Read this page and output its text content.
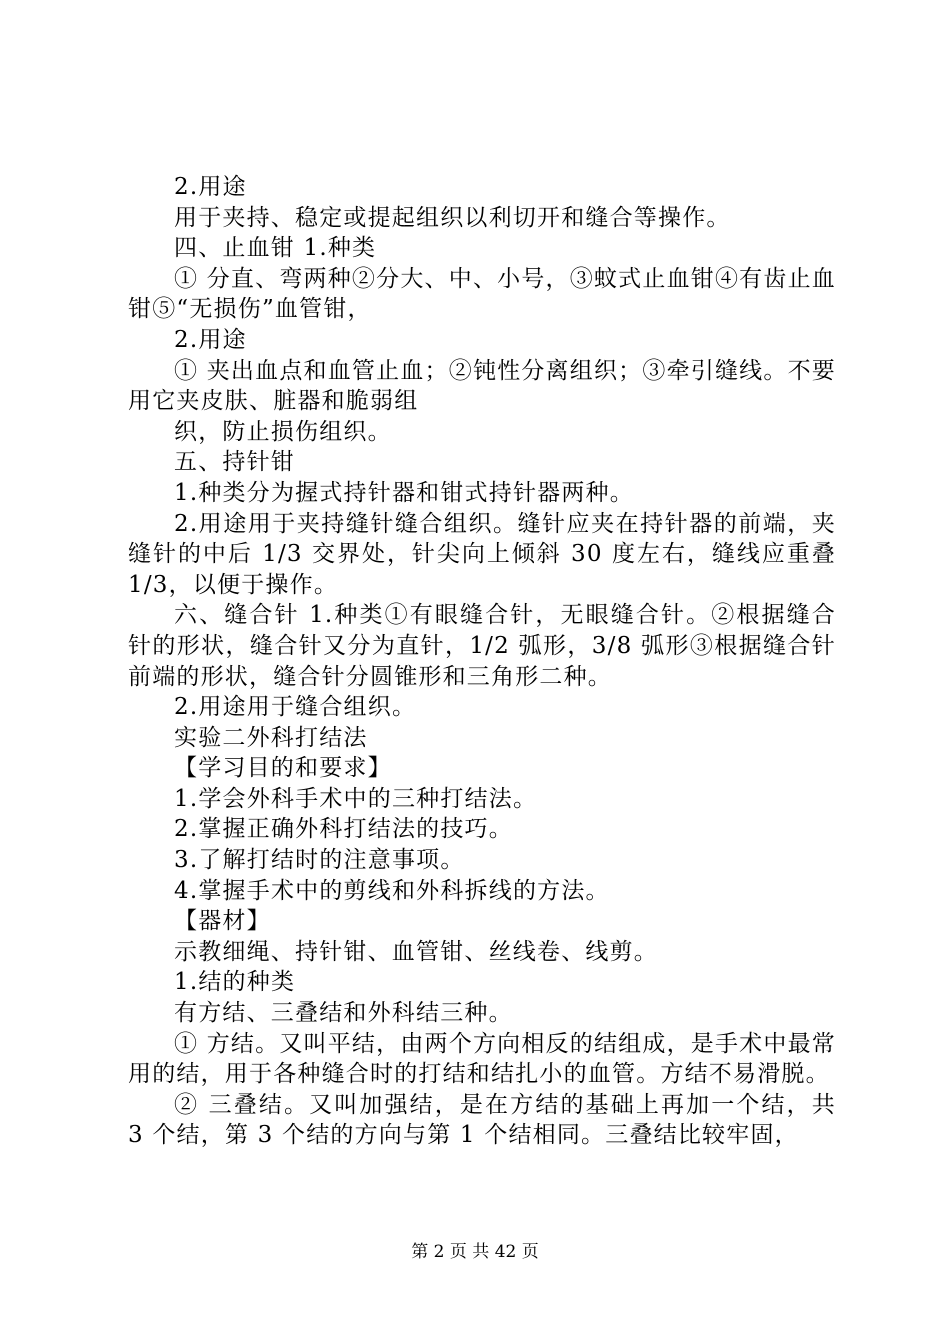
2.用途

用于夹持、稳定或提起组织以利切开和缝合等操作。

四、止血钳 1.种类

① 分直、弯两种②分大、中、小号，③蚊式止血钳④有齿止血钳⑤“无损伤”血管钳，

2.用途

① 夹出血点和血管止血；②钝性分离组织；③牵引缝线。不要用它夹皮肤、脏器和脆弱组

织，防止损伤组织。

五、持针钳

1.种类分为握式持针器和钳式持针器两种。

2.用途用于夹持缝针缝合组织。缝针应夹在持针器的前端，夹缝针的中后 1/3 交界处，针尖向上倾斜 30 度左右，缝线应重叠 1/3，以便于操作。

六、缝合针 1.种类①有眼缝合针，无眼缝合针。②根据缝合针的形状，缝合针又分为直针，1/2 弧形，3/8 弧形③根据缝合针前端的形状，缝合针分圆锥形和三角形二种。

2.用途用于缝合组织。

实验二外科打结法

【学习目的和要求】

1.学会外科手术中的三种打结法。

2.掌握正确外科打结法的技巧。

3.了解打结时的注意事项。

4.掌握手术中的剪线和外科拆线的方法。

【器材】

示教细绳、持针钳、血管钳、丝线卷、线剪。

1.结的种类

有方结、三叠结和外科结三种。

① 方结。又叫平结，由两个方向相反的结组成，是手术中最常用的结，用于各种缝合时的打结和结扎小的血管。方结不易滑脱。

② 三叠结。又叫加强结，是在方结的基础上再加一个结，共 3 个结，第 3 个结的方向与第 1 个结相同。三叠结比较牢固，

第 2 页 共 42 页
